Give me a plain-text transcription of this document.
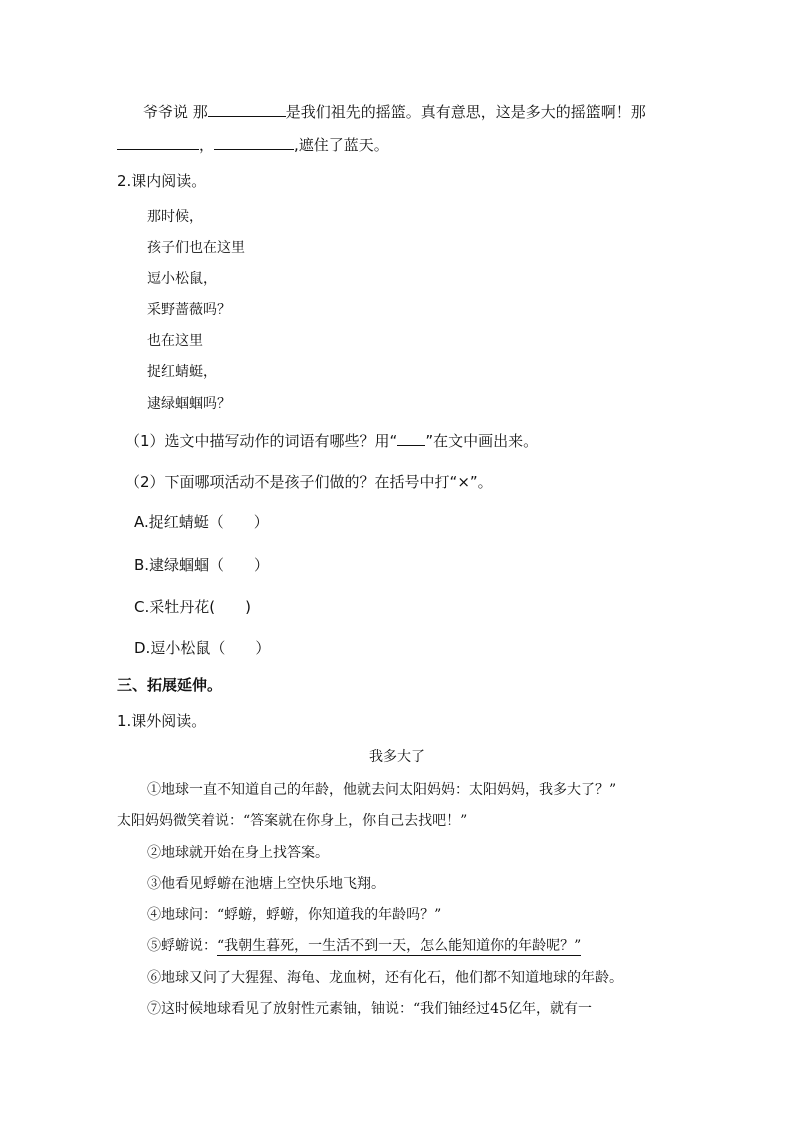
爷爷说 那	是我们祖先的摇篮。真有意思，这是多大的摇篮啊！那
，	,遮住了蓝天。
2.课内阅读。
那时候，
孩子们也在这里
逗小松鼠，
采野蔷薇吗？
也在这里
捉红蜻蜓，
逮绿蝈蝈吗？
（1）选文中描写动作的词语有哪些？用“ ”在文中画出来。
（2）下面哪项活动不是孩子们做的？在括号中打“×”。
A.捉红蜻蜓（　　）
B.逮绿蝈蝈（　　）
C.采牡丹花(　　)
D.逗小松鼠（　　）
三、拓展延伸。
1.课外阅读。
我多大了
①地球一直不知道自己的年龄，他就去问太阳妈妈：太阳妈妈，我多大了？”
太阳妈妈微笑着说：“答案就在你身上，你自己去找吧！”
②地球就开始在身上找答案。
③他看见蜉蝣在池塘上空快乐地飞翔。
④地球问：“蜉蝣，蜉蝣，你知道我的年龄吗？”
⑤蜉蝣说：“我朝生暮死，一生活不到一天，怎么能知道你的年龄呢？”
⑥地球又问了大猩猩、海龟、龙血树，还有化石，他们都不知道地球的年龄。
⑦这时候地球看见了放射性元素铀，铀说：“我们铀经过45亿年，就有一
